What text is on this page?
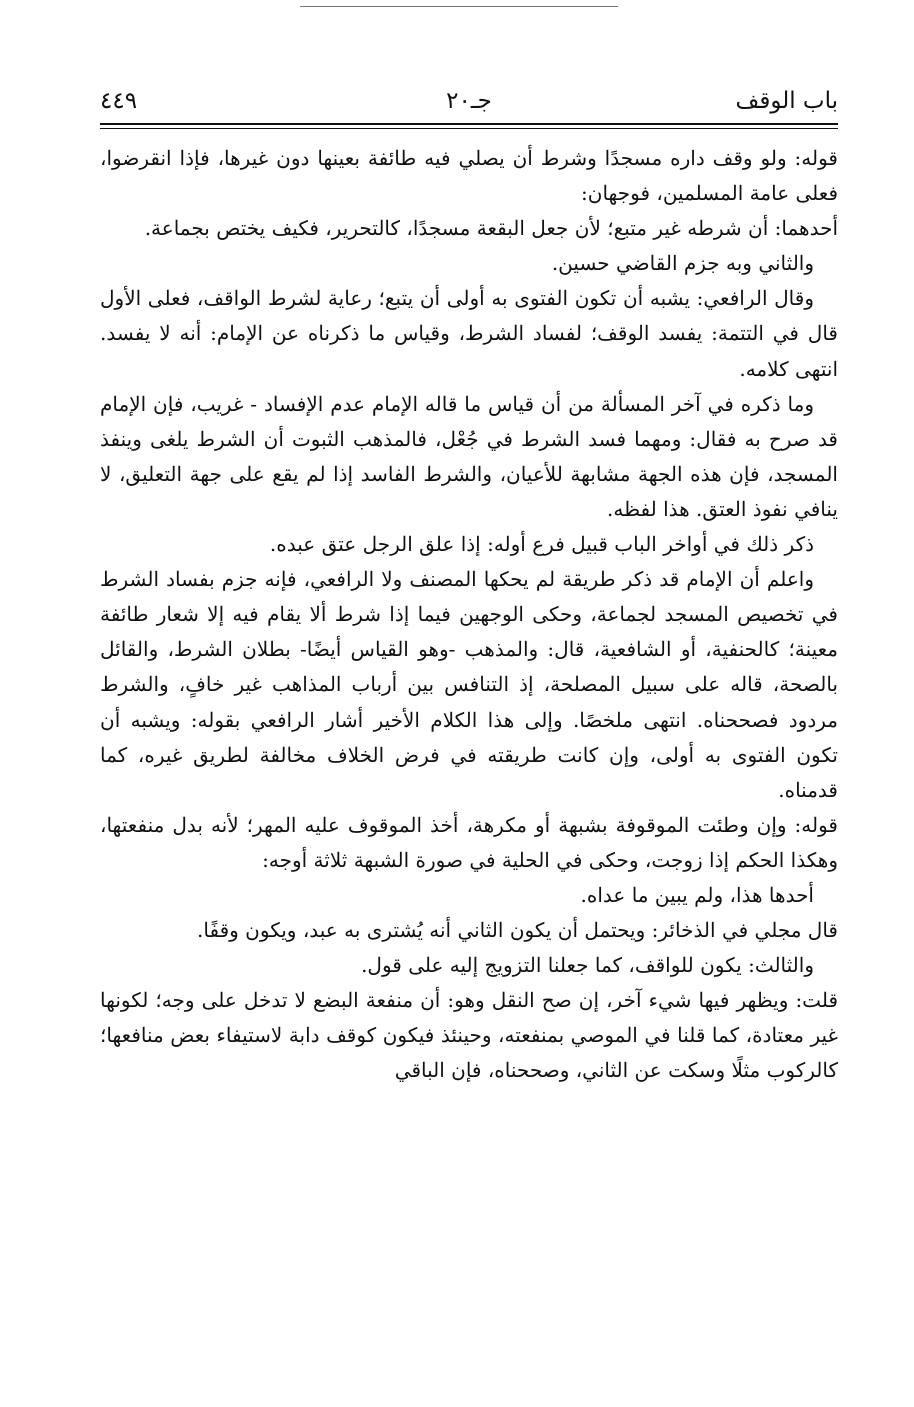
باب الوقف
جـ٢٠
٤٤٩

قوله: ولو وقف داره مسجدًا وشرط أن يصلي فيه طائفة بعينها دون غيرها، فإذا انقرضوا، فعلى عامة المسلمين، فوجهان:

أحدهما: أن شرطه غير متبع؛ لأن جعل البقعة مسجدًا، كالتحرير، فكيف يختص بجماعة.

والثاني وبه جزم القاضي حسين.

وقال الرافعي: يشبه أن تكون الفتوى به أولى أن يتبع؛ رعاية لشرط الواقف، فعلى الأول قال في التتمة: يفسد الوقف؛ لفساد الشرط، وقياس ما ذكرناه عن الإمام: أنه لا يفسد. انتهى كلامه.

وما ذكره في آخر المسألة من أن قياس ما قاله الإمام عدم الإفساد - غريب، فإن الإمام قد صرح به فقال: ومهما فسد الشرط في جُعْل، فالمذهب الثبوت أن الشرط يلغى وينفذ المسجد، فإن هذه الجهة مشابهة للأعيان، والشرط الفاسد إذا لم يقع على جهة التعليق، لا ينافي نفوذ العتق. هذا لفظه.

ذكر ذلك في أواخر الباب قبيل فرع أوله: إذا علق الرجل عتق عبده.

واعلم أن الإمام قد ذكر طريقة لم يحكها المصنف ولا الرافعي، فإنه جزم بفساد الشرط في تخصيص المسجد لجماعة، وحكى الوجهين فيما إذا شرط ألا يقام فيه إلا شعار طائفة معينة؛ كالحنفية، أو الشافعية، قال: والمذهب -وهو القياس أيضًا- بطلان الشرط، والقائل بالصحة، قاله على سبيل المصلحة، إذ التنافس بين أرباب المذاهب غير خافٍ، والشرط مردود فصححناه. انتهى ملخصًا. وإلى هذا الكلام الأخير أشار الرافعي بقوله: ويشبه أن تكون الفتوى به أولى، وإن كانت طريقته في فرض الخلاف مخالفة لطريق غيره، كما قدمناه.

قوله: وإن وطئت الموقوفة بشبهة أو مكرهة، أخذ الموقوف عليه المهر؛ لأنه بدل منفعتها، وهكذا الحكم إذا زوجت، وحكى في الحلية في صورة الشبهة ثلاثة أوجه:

أحدها هذا، ولم يبين ما عداه.

قال مجلي في الذخائر: ويحتمل أن يكون الثاني أنه يُشترى به عبد، ويكون وقفًا.

والثالث: يكون للواقف، كما جعلنا التزويج إليه على قول.

قلت: ويظهر فيها شيء آخر، إن صح النقل وهو: أن منفعة البضع لا تدخل على وجه؛ لكونها غير معتادة، كما قلنا في الموصي بمنفعته، وحينئذ فيكون كوقف دابة لاستيفاء بعض منافعها؛ كالركوب مثلًا وسكت عن الثاني، وصححناه، فإن الباقي
